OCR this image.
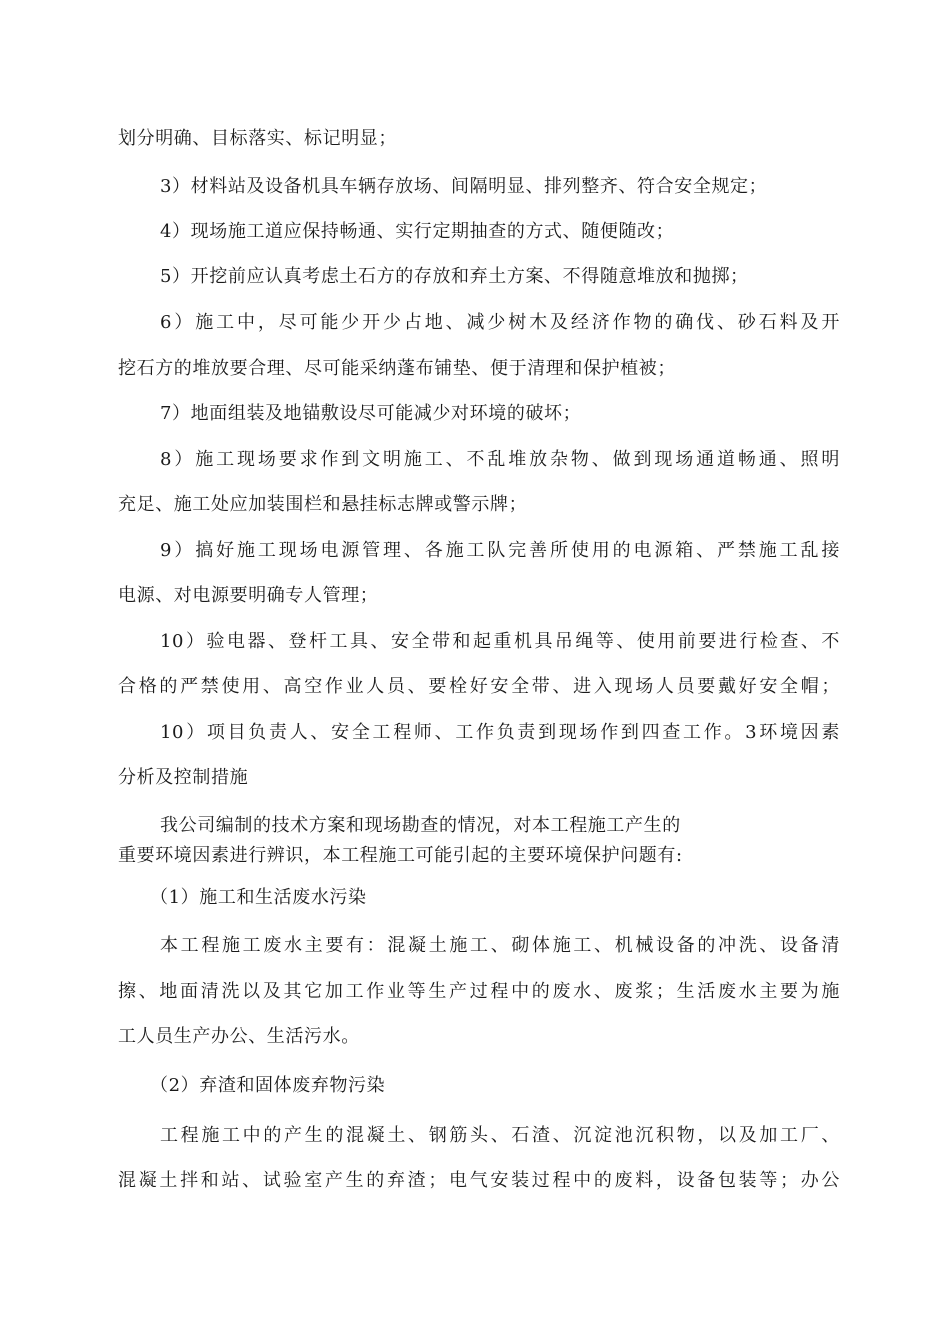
划分明确、目标落实、标记明显；
3）材料站及设备机具车辆存放场、间隔明显、排列整齐、符合安全规定；
4）现场施工道应保持畅通、实行定期抽查的方式、随便随改；
5）开挖前应认真考虑土石方的存放和弃土方案、不得随意堆放和抛掷；
6）施工中，尽可能少开少占地、减少树木及经济作物的确伐、砂石料及开
挖石方的堆放要合理、尽可能采纳蓬布铺垫、便于清理和保护植被；
7）地面组装及地锚敷设尽可能减少对环境的破坏；
8）施工现场要求作到文明施工、不乱堆放杂物、做到现场通道畅通、照明
充足、施工处应加装围栏和悬挂标志牌或警示牌；
9）搞好施工现场电源管理、各施工队完善所使用的电源箱、严禁施工乱接
电源、对电源要明确专人管理；
10）验电器、登杆工具、安全带和起重机具吊绳等、使用前要进行检查、不
合格的严禁使用、高空作业人员、要栓好安全带、进入现场人员要戴好安全帽；
10）项目负责人、安全工程师、工作负责到现场作到四查工作。3环境因素
分析及控制措施
我公司编制的技术方案和现场勘查的情况，对本工程施工产生的
重要环境因素进行辨识，本工程施工可能引起的主要环境保护问题有:
（1）施工和生活废水污染
本工程施工废水主要有：混凝土施工、砌体施工、机械设备的冲洗、设备清
擦、地面清洗以及其它加工作业等生产过程中的废水、废浆；生活废水主要为施
工人员生产办公、生活污水。
（2）弃渣和固体废弃物污染
工程施工中的产生的混凝土、钢筋头、石渣、沉淀池沉积物，以及加工厂、
混凝土拌和站、试验室产生的弃渣；电气安装过程中的废料，设备包装等；办公
